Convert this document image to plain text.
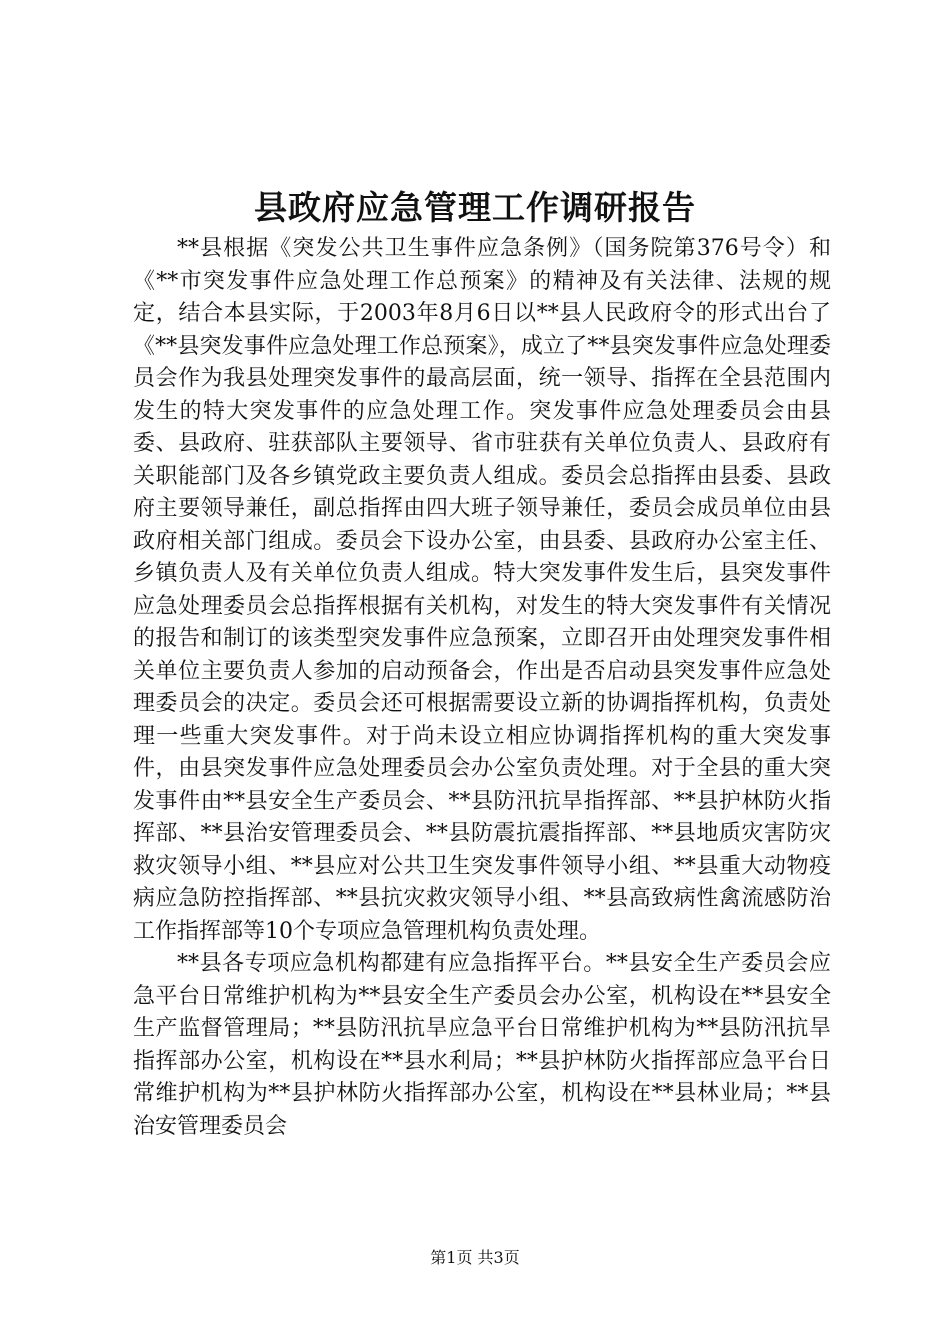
县政府应急管理工作调研报告

**县根据《突发公共卫生事件应急条例》（国务院第376号令）和《**市突发事件应急处理工作总预案》的精神及有关法律、法规的规定，结合本县实际，于2003年8月6日以**县人民政府令的形式出台了《**县突发事件应急处理工作总预案》，成立了**县突发事件应急处理委员会作为我县处理突发事件的最高层面，统一领导、指挥在全县范围内发生的特大突发事件的应急处理工作。突发事件应急处理委员会由县委、县政府、驻获部队主要领导、省市驻获有关单位负责人、县政府有关职能部门及各乡镇党政主要负责人组成。委员会总指挥由县委、县政府主要领导兼任，副总指挥由四大班子领导兼任，委员会成员单位由县政府相关部门组成。委员会下设办公室，由县委、县政府办公室主任、乡镇负责人及有关单位负责人组成。特大突发事件发生后，县突发事件应急处理委员会总指挥根据有关机构，对发生的特大突发事件有关情况的报告和制订的该类型突发事件应急预案，立即召开由处理突发事件相关单位主要负责人参加的启动预备会，作出是否启动县突发事件应急处理委员会的决定。委员会还可根据需要设立新的协调指挥机构，负责处理一些重大突发事件。对于尚未设立相应协调指挥机构的重大突发事件，由县突发事件应急处理委员会办公室负责处理。对于全县的重大突发事件由**县安全生产委员会、**县防汛抗旱指挥部、**县护林防火指挥部、**县治安管理委员会、**县防震抗震指挥部、**县地质灾害防灾救灾领导小组、**县应对公共卫生突发事件领导小组、**县重大动物疫病应急防控指挥部、**县抗灾救灾领导小组、**县高致病性禽流感防治工作指挥部等10个专项应急管理机构负责处理。

**县各专项应急机构都建有应急指挥平台。**县安全生产委员会应急平台日常维护机构为**县安全生产委员会办公室，机构设在**县安全生产监督管理局；**县防汛抗旱应急平台日常维护机构为**县防汛抗旱指挥部办公室，机构设在**县水利局；**县护林防火指挥部应急平台日常维护机构为**县护林防火指挥部办公室，机构设在**县林业局；**县治安管理委员会

第1页 共3页
